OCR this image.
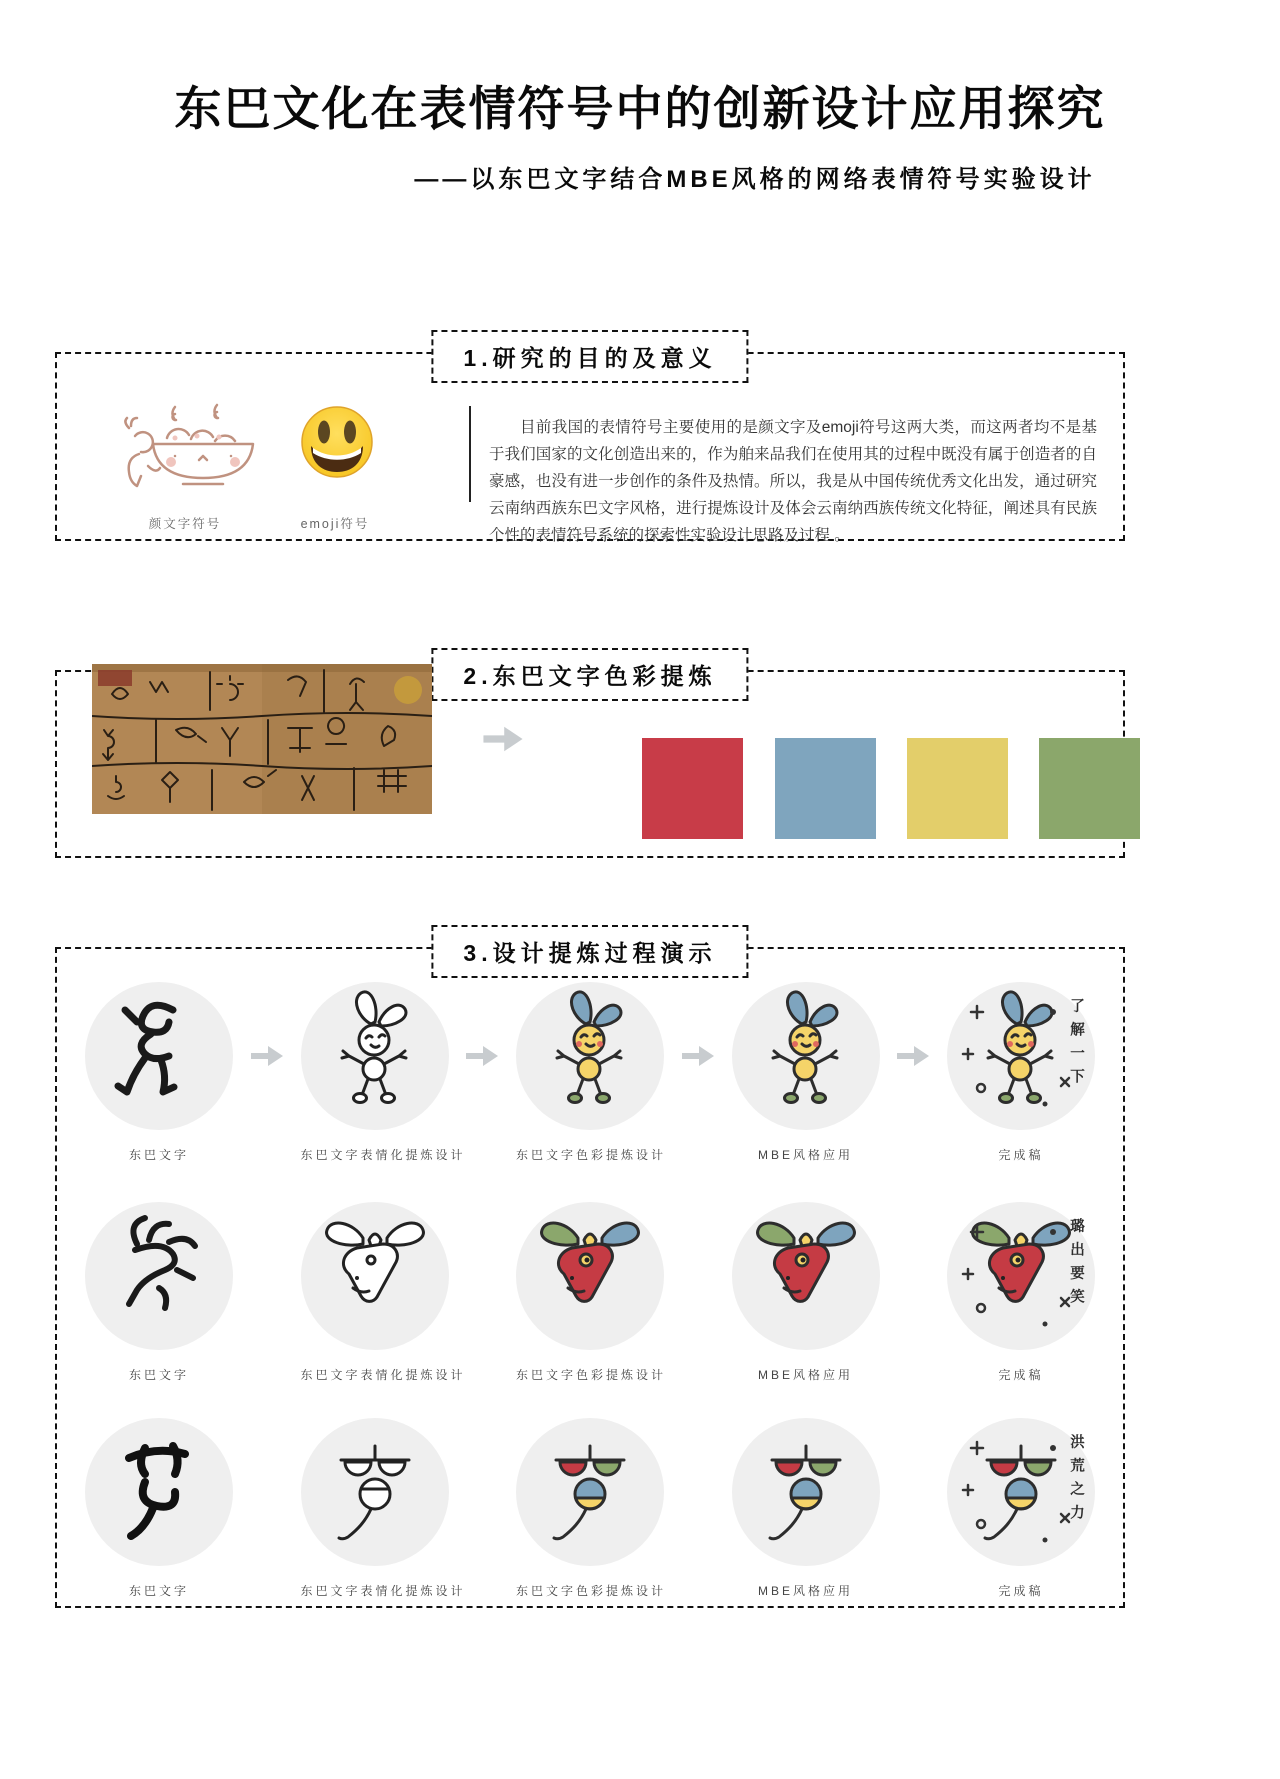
东巴文化在表情符号中的创新设计应用探究
——以东巴文字结合MBE风格的网络表情符号实验设计
1.研究的目的及意义
颜文字符号	emoji符号

目前我国的表情符号主要使用的是颜文字及emoji符号这两大类，而这两者均不是基于我们国家的文化创造出来的，作为舶来品我们在使用其的过程中既没有属于创造者的自豪感，也没有进一步创作的条件及热情。所以，我是从中国传统优秀文化出发，通过研究云南纳西族东巴文字风格，进行提炼设计及体会云南纳西族传统文化特征，阐述具有民族个性的表情符号系统的探索性实验设计思路及过程 。

2.东巴文字色彩提炼
3.设计提炼过程演示
东巴文字	东巴文字表情化提炼设计	东巴文字色彩提炼设计	MBE风格应用
了解一下
完成稿
东巴文字	东巴文字表情化提炼设计	东巴文字色彩提炼设计	MBE风格应用
璐出要笑
完成稿
东巴文字	东巴文字表情化提炼设计	东巴文字色彩提炼设计	MBE风格应用
洪荒之力
完成稿
